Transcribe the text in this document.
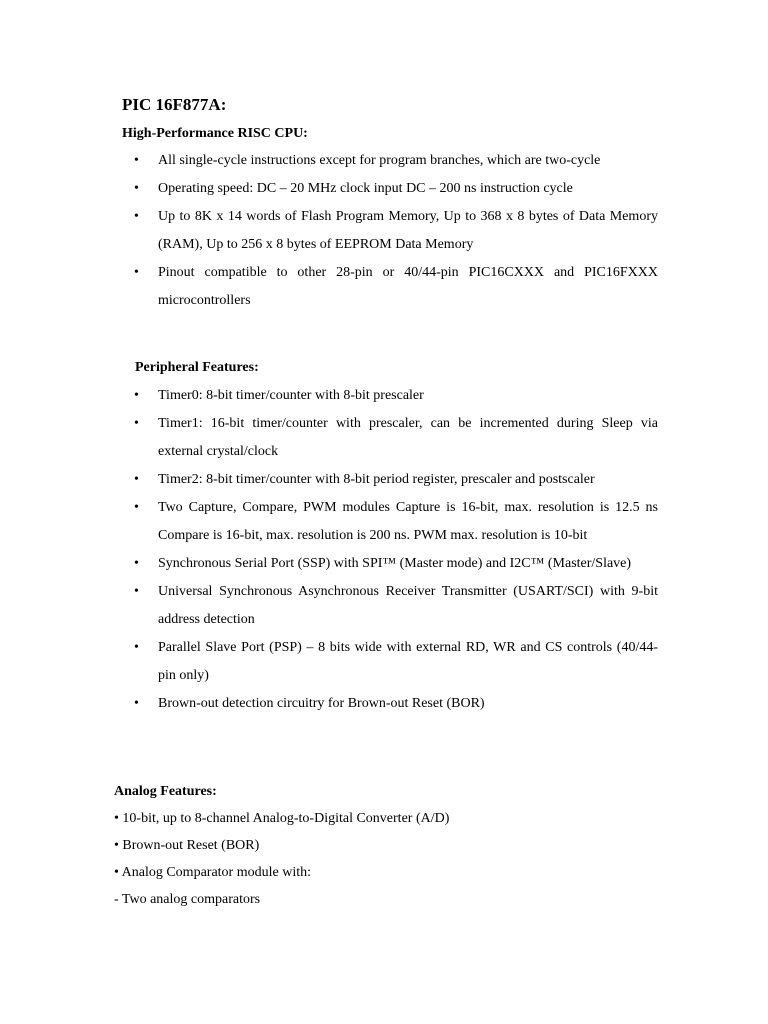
PIC 16F877A:
High-Performance RISC CPU:
• All single-cycle instructions except for program branches, which are two-cycle
• Operating speed: DC – 20 MHz clock input DC – 200 ns instruction cycle
• Up to 8K x 14 words of Flash Program Memory, Up to 368 x 8 bytes of Data Memory (RAM), Up to 256 x 8 bytes of EEPROM Data Memory
• Pinout compatible to other 28-pin or 40/44-pin PIC16CXXX and PIC16FXXX microcontrollers
Peripheral Features:
• Timer0: 8-bit timer/counter with 8-bit prescaler
• Timer1: 16-bit timer/counter with prescaler, can be incremented during Sleep via external crystal/clock
• Timer2: 8-bit timer/counter with 8-bit period register, prescaler and postscaler
• Two Capture, Compare, PWM modules Capture is 16-bit, max. resolution is 12.5 ns Compare is 16-bit, max. resolution is 200 ns. PWM max. resolution is 10-bit
• Synchronous Serial Port (SSP) with SPI™ (Master mode) and I2C™ (Master/Slave)
• Universal Synchronous Asynchronous Receiver Transmitter (USART/SCI) with 9-bit address detection
• Parallel Slave Port (PSP) – 8 bits wide with external RD, WR and CS controls (40/44-pin only)
• Brown-out detection circuitry for Brown-out Reset (BOR)
Analog Features:
• 10-bit, up to 8-channel Analog-to-Digital Converter (A/D)
• Brown-out Reset (BOR)
• Analog Comparator module with:
- Two analog comparators
